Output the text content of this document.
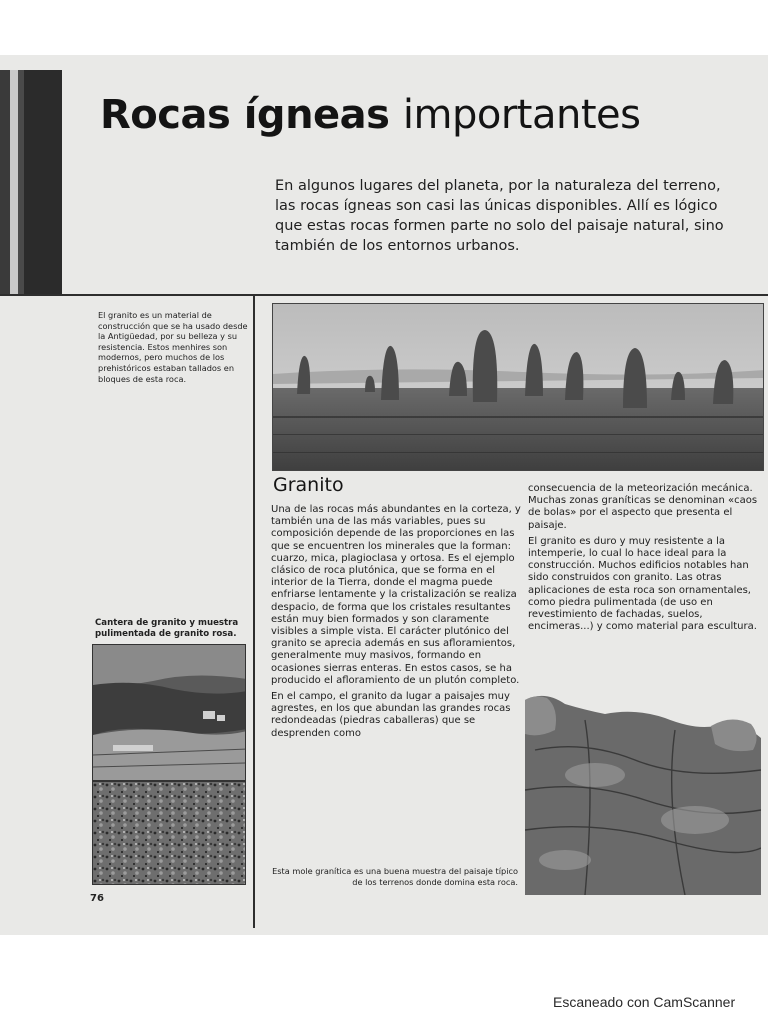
Rocas ígneas importantes

En algunos lugares del planeta, por la naturaleza del terreno, las rocas ígneas son casi las únicas disponibles. Allí es lógico que estas rocas formen parte no solo del paisaje natural, sino también de los entornos urbanos.

El granito es un material de construcción que se ha usado desde la Antigüedad, por su belleza y su resistencia. Estos menhires son modernos, pero muchos de los prehistóricos estaban tallados en bloques de esta roca.

Granito

Una de las rocas más abundantes en la corteza, y también una de las más variables, pues su composición depende de las proporciones en las que se encuentren los minerales que la forman: cuarzo, mica, plagioclasa y ortosa. Es el ejemplo clásico de roca plutónica, que se forma en el interior de la Tierra, donde el magma puede enfriarse lentamente y la cristalización se realiza despacio, de forma que los cristales resultantes están muy bien formados y son claramente visibles a simple vista. El carácter plutónico del granito se aprecia además en sus afloramientos, generalmente muy masivos, formando en ocasiones sierras enteras. En estos casos, se ha producido el afloramiento de un plutón completo.

En el campo, el granito da lugar a paisajes muy agrestes, en los que abundan las grandes rocas redondeadas (piedras caballeras) que se desprenden como

consecuencia de la meteorización mecánica. Muchas zonas graníticas se denominan «caos de bolas» por el aspecto que presenta el paisaje.

El granito es duro y muy resistente a la intemperie, lo cual lo hace ideal para la construcción. Muchos edificios notables han sido construidos con granito. Las otras aplicaciones de esta roca son ornamentales, como piedra pulimentada (de uso en revestimiento de fachadas, suelos, encimeras...) y como material para escultura.

Cantera de granito y muestra pulimentada de granito rosa.

Esta mole granítica es una buena muestra del paisaje típico de los terrenos donde domina esta roca.

76

Escaneado con CamScanner
